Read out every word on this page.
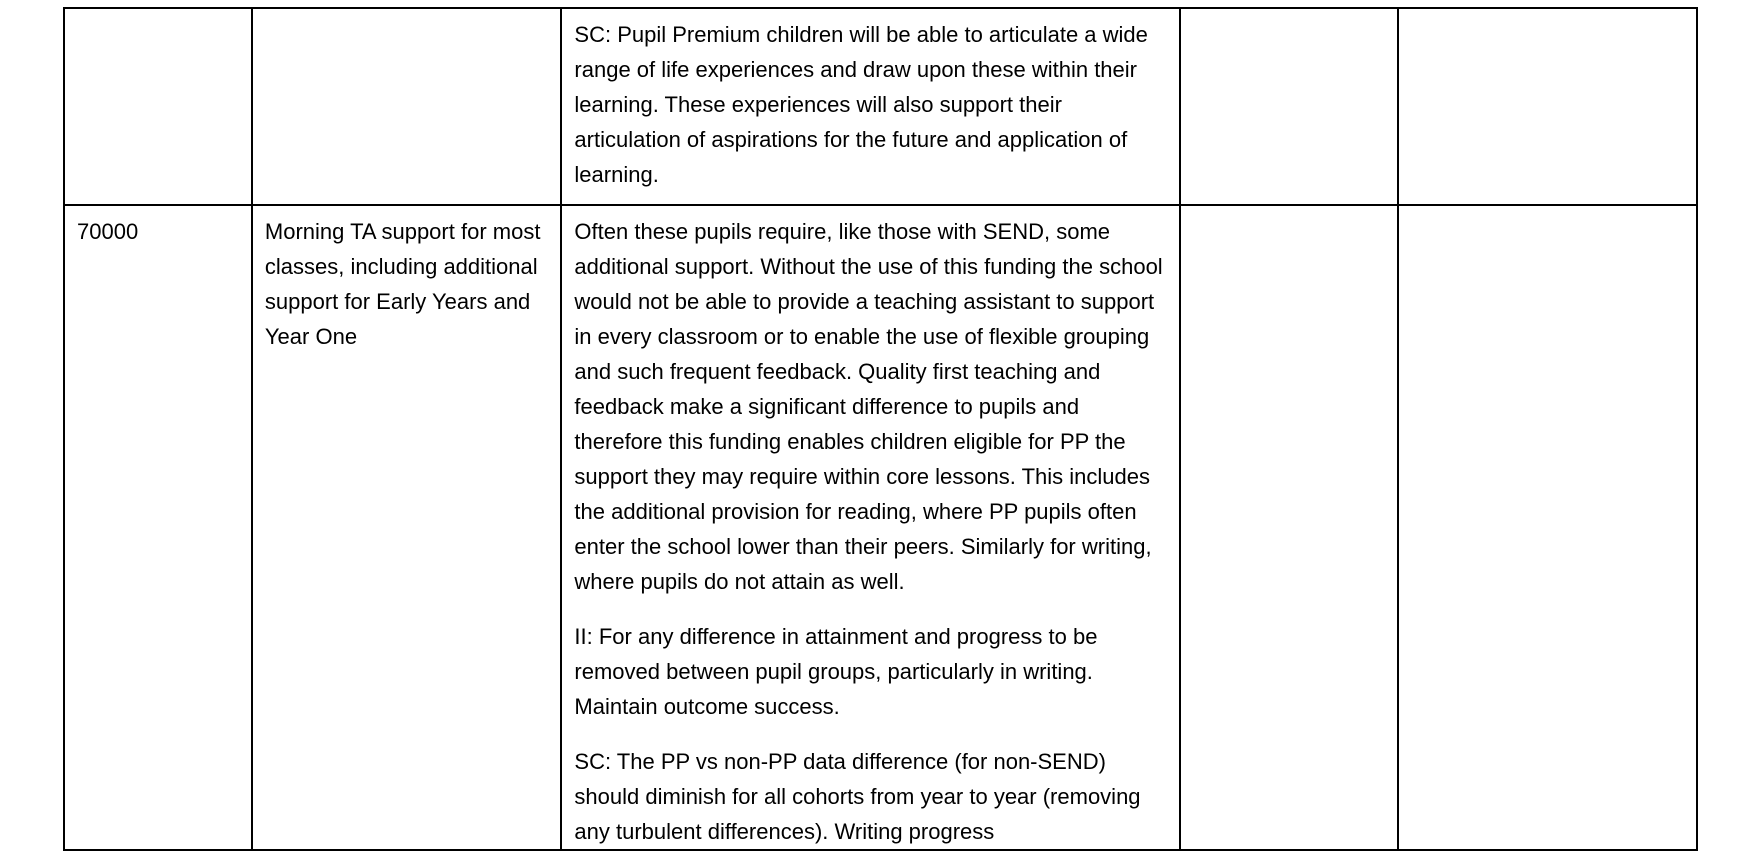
		SC: Pupil Premium children will be able to articulate a wide range of life experiences and draw upon these within their learning. These experiences will also support their articulation of aspirations for the future and application of learning.		

70000	Morning TA support for most classes, including additional support for Early Years and Year One	Often these pupils require, like those with SEND, some additional support. Without the use of this funding the school would not be able to provide a teaching assistant to support in every classroom or to enable the use of flexible grouping and such frequent feedback. Quality first teaching and feedback make a significant difference to pupils and therefore this funding enables children eligible for PP the support they may require within core lessons. This includes the additional provision for reading, where PP pupils often enter the school lower than their peers. Similarly for writing, where pupils do not attain as well.

II: For any difference in attainment and progress to be removed between pupil groups, particularly in writing. Maintain outcome success.

SC: The PP vs non-PP data difference (for non-SEND) should diminish for all cohorts from year to year (removing any turbulent differences). Writing progress		
